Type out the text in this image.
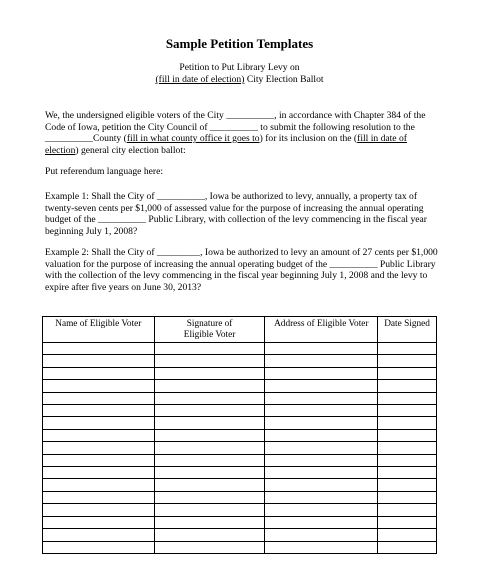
Sample Petition Templates
Petition to Put Library Levy on
(fill in date of election) City Election Ballot
We, the undersigned eligible voters of the City __________, in accordance with Chapter 384 of the Code of Iowa, petition the City Council of __________ to submit the following resolution to the __________County (fill in what county office it goes to) for its inclusion on the (fill in date of election) general city election ballot:
Put referendum language here:
Example 1: Shall the City of __________, Iowa be authorized to levy, annually, a property tax of twenty-seven cents per $1,000 of assessed value for the purpose of increasing the annual operating budget of the __________ Public Library, with collection of the levy commencing in the fiscal year beginning July 1, 2008?
Example 2: Shall the City of _________, Iowa be authorized to levy an amount of 27 cents per $1,000 valuation for the purpose of increasing the annual operating budget of the __________ Public Library with the collection of the levy commencing in the fiscal year beginning July 1, 2008 and the levy to expire after five years on June 30, 2013?
Name of Eligible Voter	Signature of Eligible Voter	Address of Eligible Voter	Date Signed
